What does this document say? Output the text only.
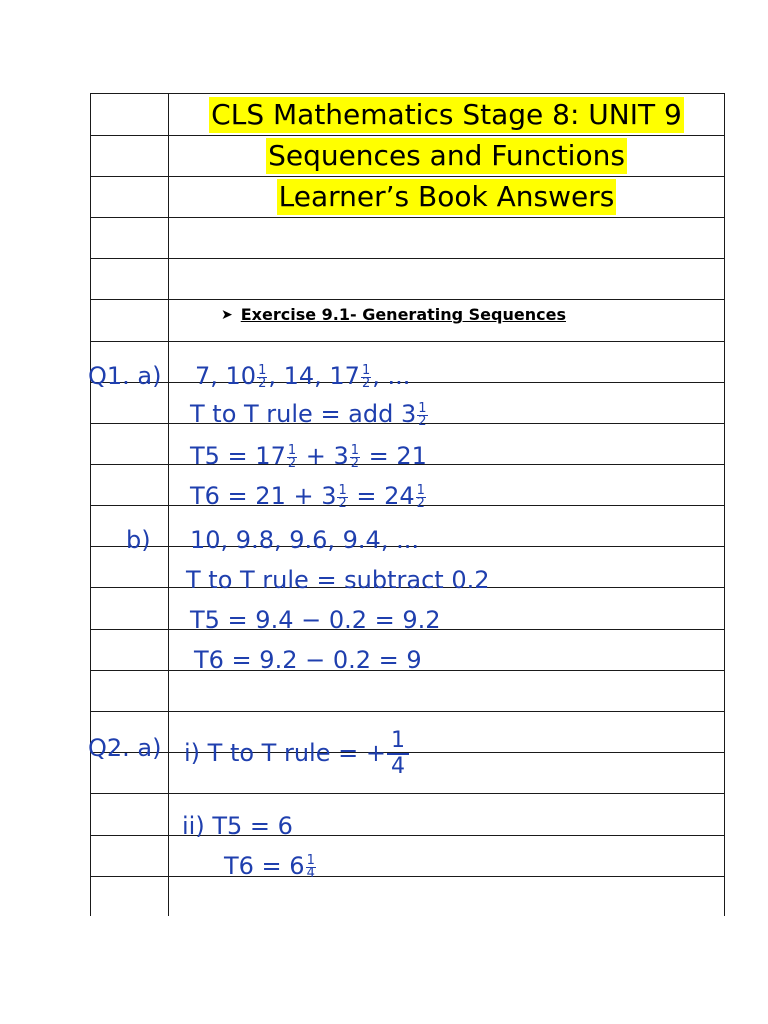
CLS Mathematics Stage 8: UNIT 9
Sequences and Functions
Learner’s Book Answers
➤ Exercise 9.1- Generating Sequences
Q1. a) 7, $10 \frac{1}{2}$ , 14, $17 \frac{1}{2}$ , ...
T to T rule = add $3 \frac{1}{2}$
$T5 = 17 \frac{1}{2} + 3 \frac{1}{2} = 21$
$T6 = 21 + 3 \frac{1}{2} = 24 \frac{1}{2}$
b) 10, 9.8, 9.6, 9.4, ...
T to T rule = subtract 0.2
T5 = 9.4 − 0.2 = 9.2
T6 = 9.2 − 0.2 = 9
Q2. a) i) T to T rule = + $\frac{1}{4}$
ii) T5 = 6
$T6 = 6 \frac{1}{4}$
